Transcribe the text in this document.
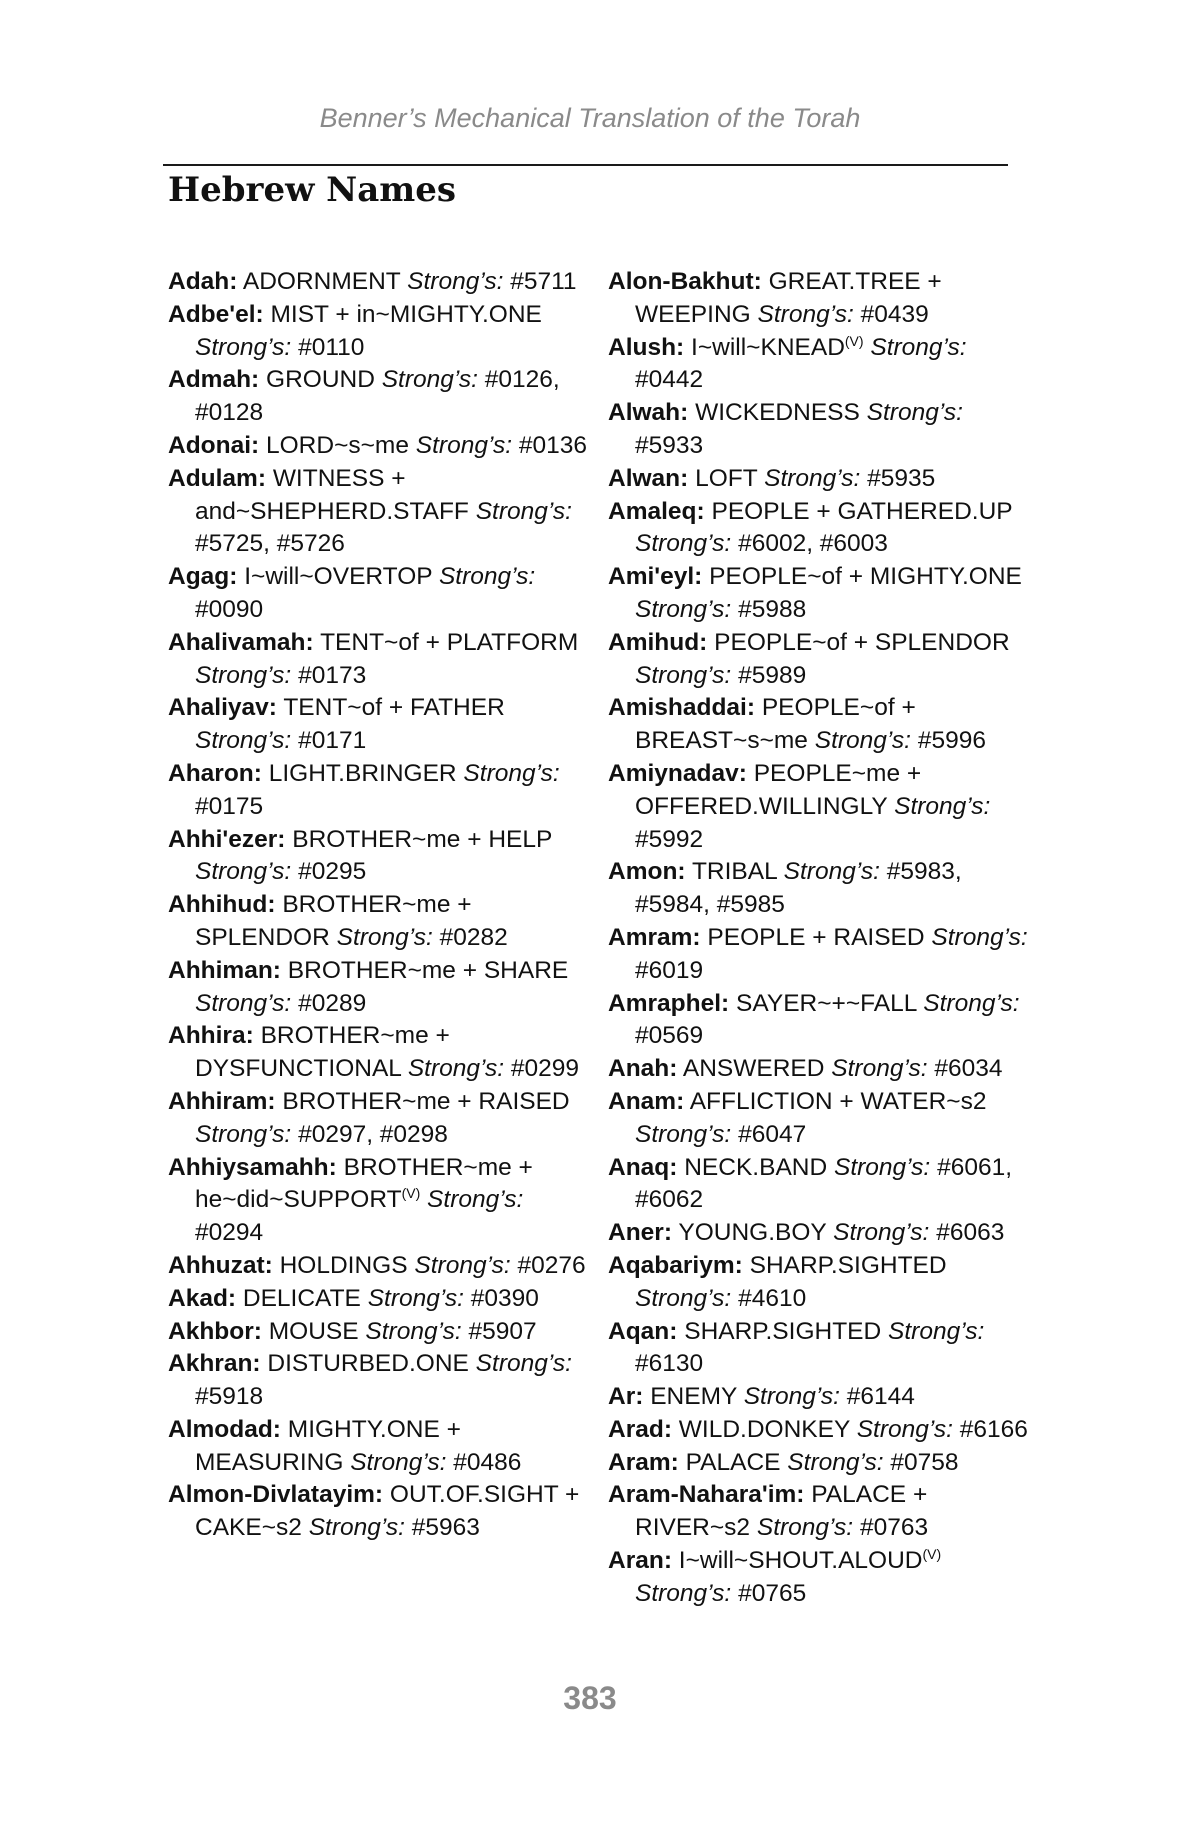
Benner’s Mechanical Translation of the Torah
Hebrew Names
Adah: ADORNMENT Strong’s: #5711
Adbe'el: MIST + in~MIGHTY.ONE Strong’s: #0110
Admah: GROUND Strong’s: #0126, #0128
Adonai: LORD~s~me Strong’s: #0136
Adulam: WITNESS + and~SHEPHERD.STAFF Strong’s: #5725, #5726
Agag: I~will~OVERTOP Strong’s: #0090
Ahalivamah: TENT~of + PLATFORM Strong’s: #0173
Ahaliyav: TENT~of + FATHER Strong’s: #0171
Aharon: LIGHT.BRINGER Strong’s: #0175
Ahhi'ezer: BROTHER~me + HELP Strong’s: #0295
Ahhihud: BROTHER~me + SPLENDOR Strong’s: #0282
Ahhiman: BROTHER~me + SHARE Strong’s: #0289
Ahhira: BROTHER~me + DYSFUNCTIONAL Strong’s: #0299
Ahhiram: BROTHER~me + RAISED Strong’s: #0297, #0298
Ahhiysamahh: BROTHER~me + $he\sim did\sim SUPPORT^{(V)}$ Strong’s: #0294
Ahhuzat: HOLDINGS Strong’s: #0276
Akad: DELICATE Strong’s: #0390
Akhbor: MOUSE Strong’s: #5907
Akhran: DISTURBED.ONE Strong’s: #5918
Almodad: MIGHTY.ONE + MEASURING Strong’s: #0486
Almon-Divlatayim: OUT.OF.SIGHT + CAKE~s2 Strong’s: #5963
Alon-Bakhut: GREAT.TREE + WEEPING Strong’s: #0439
Alush: $I\sim will\sim KNEAD^{(V)}$ Strong’s: #0442
Alwah: WICKEDNESS Strong’s: #5933
Alwan: LOFT Strong’s: #5935
Amaleq: PEOPLE + GATHERED.UP Strong’s: #6002, #6003
Ami'eyl: PEOPLE~of + MIGHTY.ONE Strong’s: #5988
Amihud: PEOPLE~of + SPLENDOR Strong’s: #5989
Amishaddai: PEOPLE~of + BREAST~s~me Strong’s: #5996
Amiynadav: PEOPLE~me + OFFERED.WILLINGLY Strong’s: #5992
Amon: TRIBAL Strong’s: #5983, #5984, #5985
Amram: PEOPLE + RAISED Strong’s: #6019
Amraphel: SAYER~+~FALL Strong’s: #0569
Anah: ANSWERED Strong’s: #6034
Anam: AFFLICTION + WATER~s2 Strong’s: #6047
Anaq: NECK.BAND Strong’s: #6061, #6062
Aner: YOUNG.BOY Strong’s: #6063
Aqabariym: SHARP.SIGHTED Strong’s: #4610
Aqan: SHARP.SIGHTED Strong’s: #6130
Ar: ENEMY Strong’s: #6144
Arad: WILD.DONKEY Strong’s: #6166
Aram: PALACE Strong’s: #0758
Aram-Nahara'im: PALACE + RIVER~s2 Strong’s: #0763
Aran: $I\sim will\sim SHOUT.ALOUD^{(V)}$ Strong’s: #0765
383
